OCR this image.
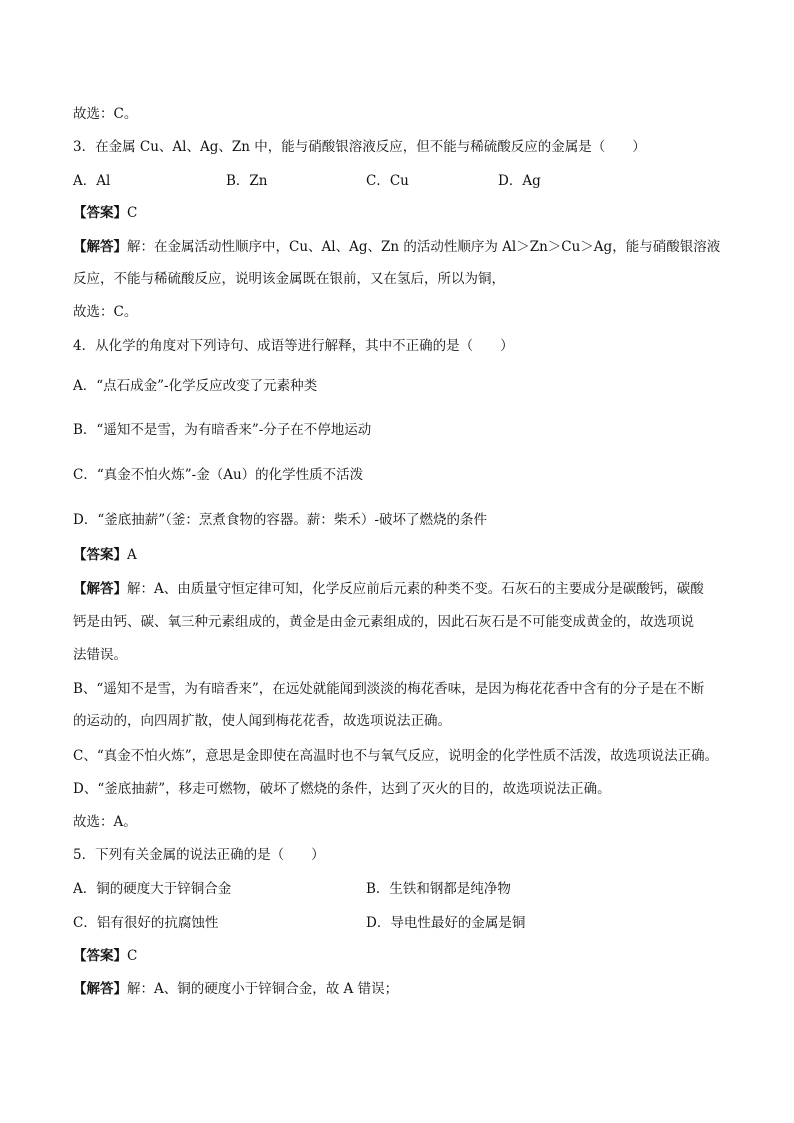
故选：C。
3．在金属 Cu、Al、Ag、Zn 中，能与硝酸银溶液反应，但不能与稀硫酸反应的金属是（　　）
A．Al	B．Zn	C．Cu	D．Ag
【答案】C
【解答】解：在金属活动性顺序中，Cu、Al、Ag、Zn 的活动性顺序为 Al＞Zn＞Cu＞Ag，能与硝酸银溶液
反应，不能与稀硫酸反应，说明该金属既在银前，又在氢后，所以为铜，
故选：C。
4．从化学的角度对下列诗句、成语等进行解释，其中不正确的是（　　）
A．“点石成金”-化学反应改变了元素种类
B．“遥知不是雪，为有暗香来”-分子在不停地运动
C．“真金不怕火炼”-金（Au）的化学性质不活泼
D．“釜底抽薪”（釜：烹煮食物的容器。薪：柴禾）-破坏了燃烧的条件
【答案】A
【解答】解：A、由质量守恒定律可知，化学反应前后元素的种类不变。石灰石的主要成分是碳酸钙，碳酸
钙是由钙、碳、氧三种元素组成的，黄金是由金元素组成的，因此石灰石是不可能变成黄金的，故选项说
法错误。
B、“遥知不是雪，为有暗香来”，在远处就能闻到淡淡的梅花香味，是因为梅花花香中含有的分子是在不断
的运动的，向四周扩散，使人闻到梅花花香，故选项说法正确。
C、“真金不怕火炼”，意思是金即使在高温时也不与氧气反应，说明金的化学性质不活泼，故选项说法正确。
D、“釜底抽薪”，移走可燃物，破坏了燃烧的条件，达到了灭火的目的，故选项说法正确。
故选：A。
5．下列有关金属的说法正确的是（　　）
A．铜的硬度大于锌铜合金	B．生铁和钢都是纯净物
C．铝有很好的抗腐蚀性	D．导电性最好的金属是铜
【答案】C
【解答】解：A、铜的硬度小于锌铜合金，故 A 错误；
